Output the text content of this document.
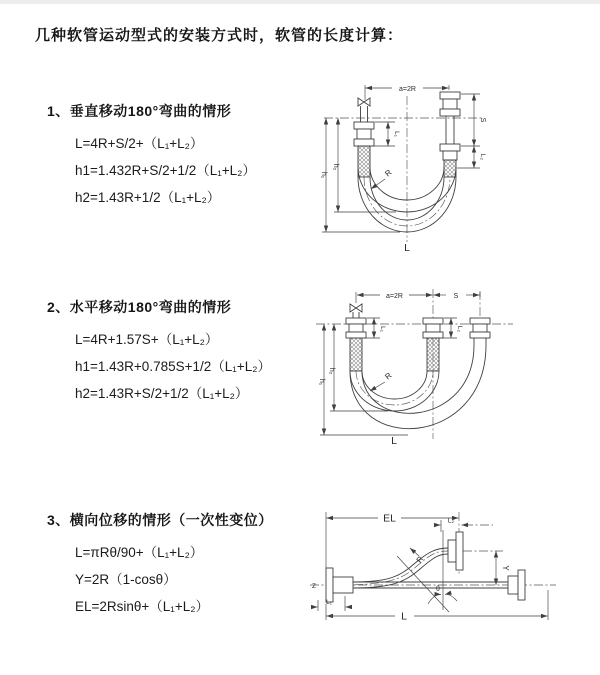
几种软管运动型式的安装方式时，软管的长度计算：
1、垂直移动180°弯曲的情形
L=4R+S/2+（L₁+L₂）
h1=1.432R+S/2+1/2（L₁+L₂）
h2=1.43R+1/2（L₁+L₂）
2、水平移动180°弯曲的情形
L=4R+1.57S+（L₁+L₂）
h1=1.43R+0.785S+1/2（L₁+L₂）
h2=1.43R+S/2+1/2（L₁+L₂）
3、横向位移的情形（一次性变位）
L=πRθ/90+（L₁+L₂）
Y=2R（1-cosθ）
EL=2Rsinθ+（L₁+L₂）
a=2R
L₁
S
L₂
h₁
h₂
R
L
a=2R	S
L₁	L₂
h₁
h₂	R
L
Z
EL	L₂
θ
R
Y
L₁
L
